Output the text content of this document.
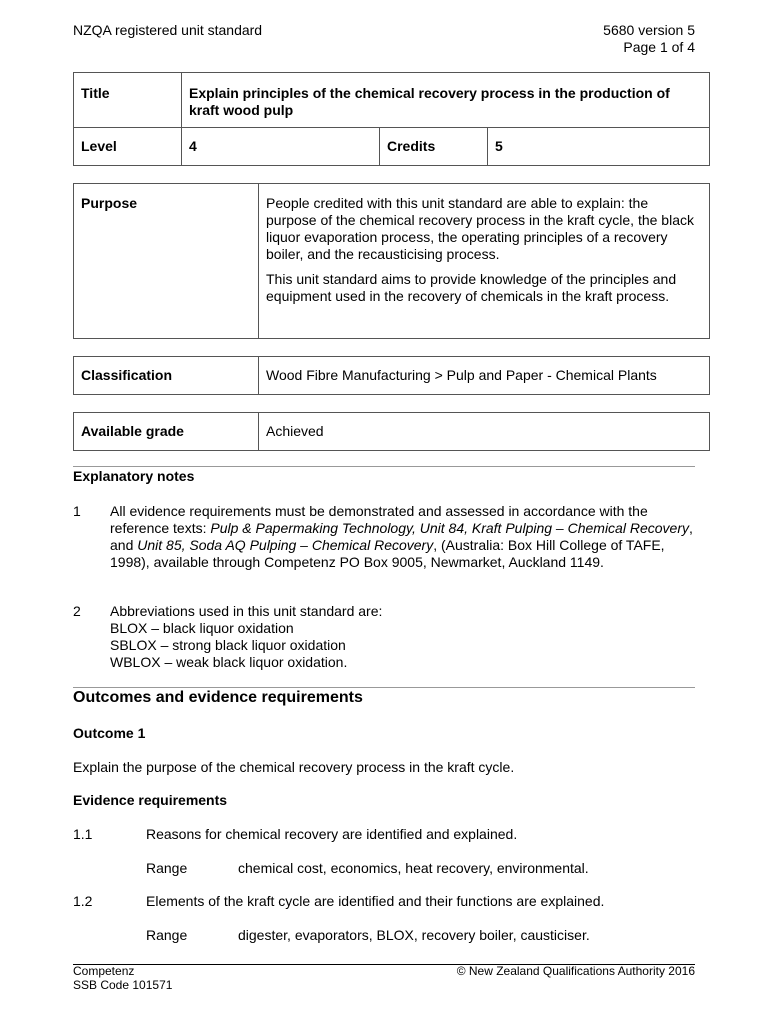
NZQA registered unit standard	5680 version 5
Page 1 of 4
Title	Explain principles of the chemical recovery process in the production of kraft wood pulp		
Level	4	Credits	5
Purpose	People credited with this unit standard are able to explain: the purpose of the chemical recovery process in the kraft cycle, the black liquor evaporation process, the operating principles of a recovery boiler, and the recausticising process.
This unit standard aims to provide knowledge of the principles and equipment used in the recovery of chemicals in the kraft process.
Classification	Wood Fibre Manufacturing > Pulp and Paper - Chemical Plants
Available grade	Achieved
Explanatory notes
1 All evidence requirements must be demonstrated and assessed in accordance with the reference texts: Pulp & Papermaking Technology, Unit 84, Kraft Pulping – Chemical Recovery, and Unit 85, Soda AQ Pulping – Chemical Recovery, (Australia: Box Hill College of TAFE, 1998), available through Competenz PO Box 9005, Newmarket, Auckland 1149.
2 Abbreviations used in this unit standard are:
BLOX – black liquor oxidation
SBLOX – strong black liquor oxidation
WBLOX – weak black liquor oxidation.
Outcomes and evidence requirements
Outcome 1
Explain the purpose of the chemical recovery process in the kraft cycle.
Evidence requirements
1.1	Reasons for chemical recovery are identified and explained.
Range	chemical cost, economics, heat recovery, environmental.
1.2	Elements of the kraft cycle are identified and their functions are explained.
Range	digester, evaporators, BLOX, recovery boiler, causticiser.
Competenz
SSB Code 101571
© New Zealand Qualifications Authority 2016
